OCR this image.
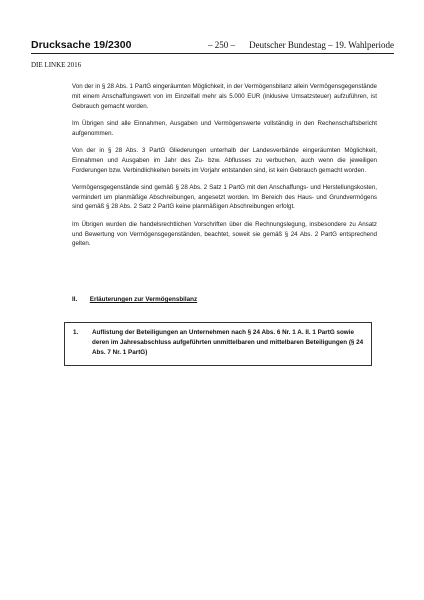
Drucksache 19/2300	– 250 – Deutscher Bundestag – 19. Wahlperiode
DIE LINKE 2016

Von der in § 28 Abs. 1 PartG eingeräumten Möglichkeit, in der Vermögensbilanz allein Vermögensgegenstände mit einem Anschaffungswert von im Einzelfall mehr als 5.000 EUR (inklusive Umsatzsteuer) aufzuführen, ist Gebrauch gemacht worden.

Im Übrigen sind alle Einnahmen, Ausgaben und Vermögenswerte vollständig in den Rechenschaftsbericht aufgenommen.

Von der in § 28 Abs. 3 PartG Gliederungen unterhalb der Landesverbände eingeräumten Möglichkeit, Einnahmen und Ausgaben im Jahr des Zu- bzw. Abflusses zu verbuchen, auch wenn die jeweiligen Forderungen bzw. Verbindlichkeiten bereits im Vorjahr entstanden sind, ist kein Gebrauch gemacht worden.

Vermögensgegenstände sind gemäß § 28 Abs. 2 Satz 1 PartG mit den Anschaffungs- und Herstellungskosten, vermindert um planmäßige Abschreibungen, angesetzt worden. Im Bereich des Haus- und Grundvermögens sind gemäß § 28 Abs. 2 Satz 2 PartG keine planmäßigen Abschreibungen erfolgt.

Im Übrigen wurden die handelsrechtlichen Vorschriften über die Rechnungslegung, insbesondere zu Ansatz und Bewertung von Vermögensgegenständen, beachtet, soweit sie gemäß § 24 Abs. 2 PartG entsprechend gelten.

II. Erläuterungen zur Vermögensbilanz
1. Auflistung der Beteiligungen an Unternehmen nach § 24 Abs. 6 Nr. 1 A. II. 1 PartG sowie deren im Jahresabschluss aufgeführten unmittelbaren und mittelbaren Beteiligungen (§ 24 Abs. 7 Nr. 1 PartG)
